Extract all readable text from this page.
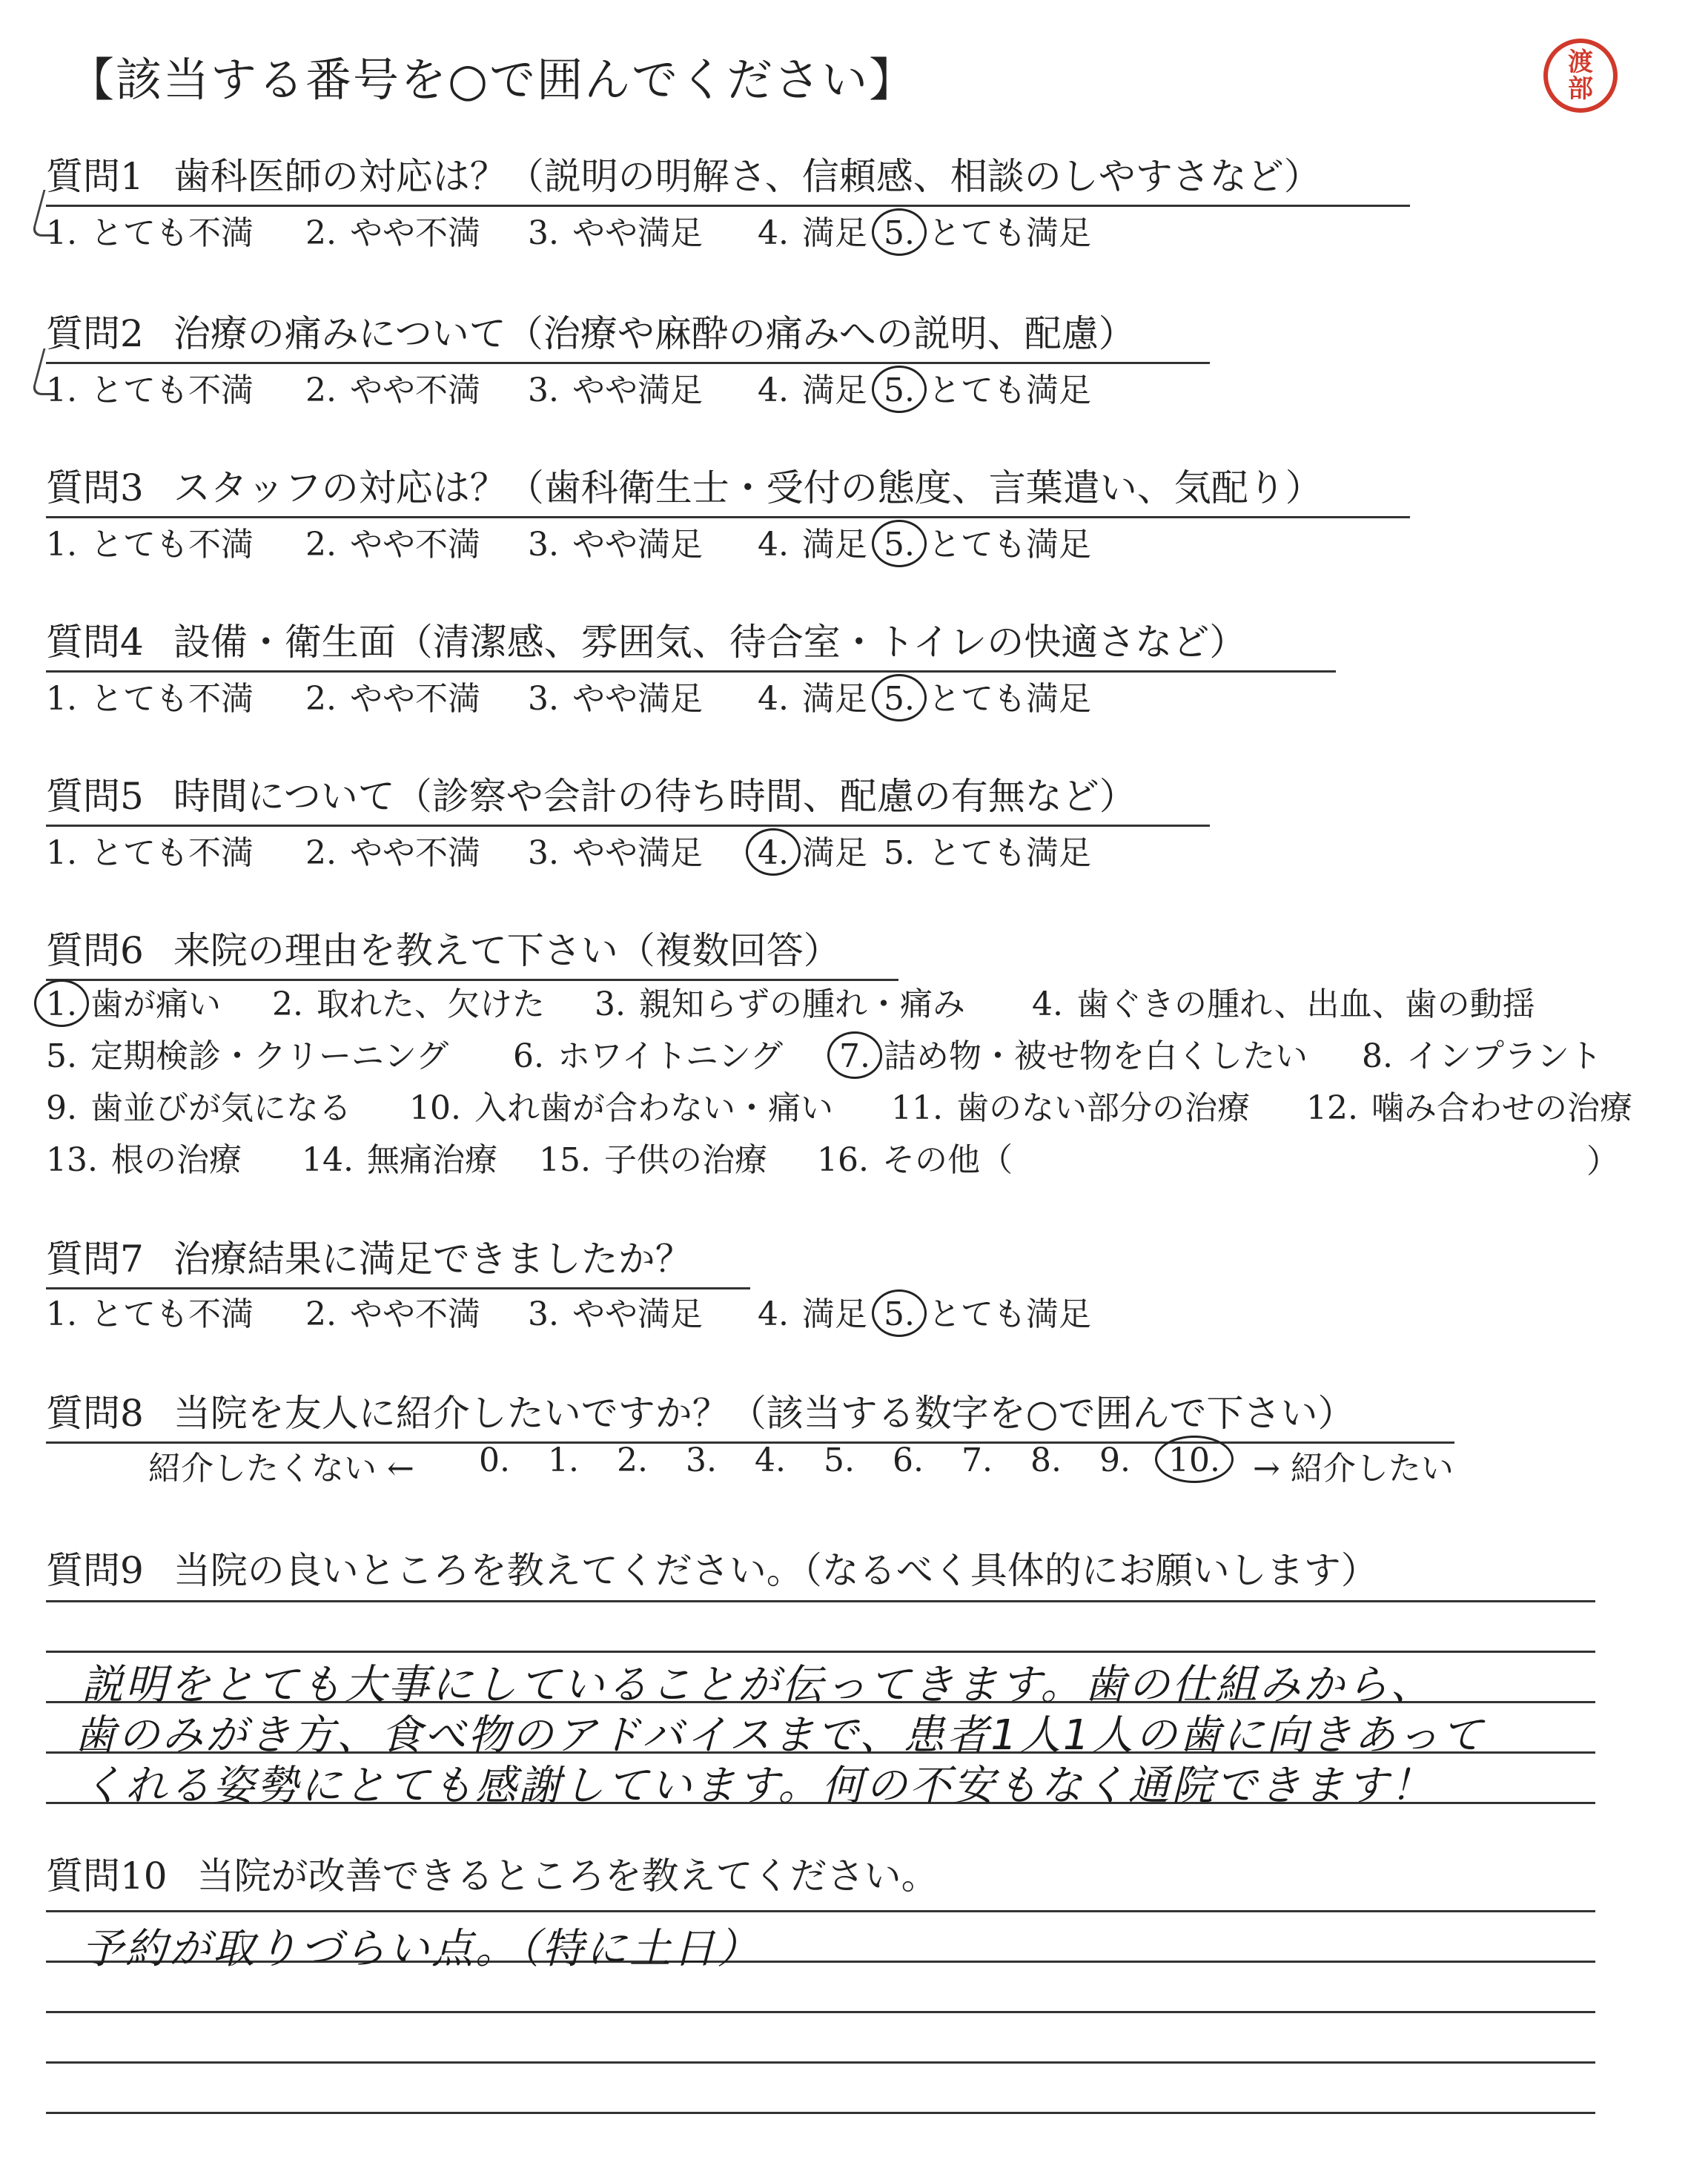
【該当する番号を○で囲んでください】	渡
部
質問1 歯科医師の対応は？（説明の明解さ、信頼感、相談のしやすさなど）
1. とても不満 2. やや不満 3. やや満足 4. 満足 5. とても満足
質問2 治療の痛みについて（治療や麻酔の痛みへの説明、配慮）
1. とても不満 2. やや不満 3. やや満足 4. 満足 5. とても満足
質問3 スタッフの対応は？（歯科衛生士・受付の態度、言葉遣い、気配り）
1. とても不満 2. やや不満 3. やや満足 4. 満足 5. とても満足
質問4 設備・衛生面（清潔感、雰囲気、待合室・トイレの快適さなど）
1. とても不満 2. やや不満 3. やや満足 4. 満足 5. とても満足
質問5 時間について（診察や会計の待ち時間、配慮の有無など）
1. とても不満 2. やや不満 3. やや満足 4. 満足 5. とても満足
質問6 来院の理由を教えて下さい（複数回答）
1. 歯が痛い 2. 取れた、欠けた 3. 親知らずの腫れ・痛み 4. 歯ぐきの腫れ、出血、歯の動揺
5. 定期検診・クリーニング 6. ホワイトニング 7. 詰め物・被せ物を白くしたい 8. インプラント
9. 歯並びが気になる 10. 入れ歯が合わない・痛い 11. 歯のない部分の治療 12. 噛み合わせの治療
13. 根の治療 14. 無痛治療 15. 子供の治療 16. その他（	）
質問7 治療結果に満足できましたか？
1. とても不満 2. やや不満 3. やや満足 4. 満足 5. とても満足
質問8 当院を友人に紹介したいですか？（該当する数字を○で囲んで下さい）
紹介したくない ←	→ 紹介したい
0. 1. 2. 3. 4. 5. 6. 7. 8. 9. 10.
質問9 当院の良いところを教えてください。（なるべく具体的にお願いします）
説明をとても大事にしていることが伝ってきます。歯の仕組みから、
歯のみがき方、食べ物のアドバイスまで、患者1人1人の歯に向きあって
くれる姿勢にとても感謝しています。何の不安もなく通院できます！
質問10 当院が改善できるところを教えてください。
予約が取りづらい点。（特に土日）
